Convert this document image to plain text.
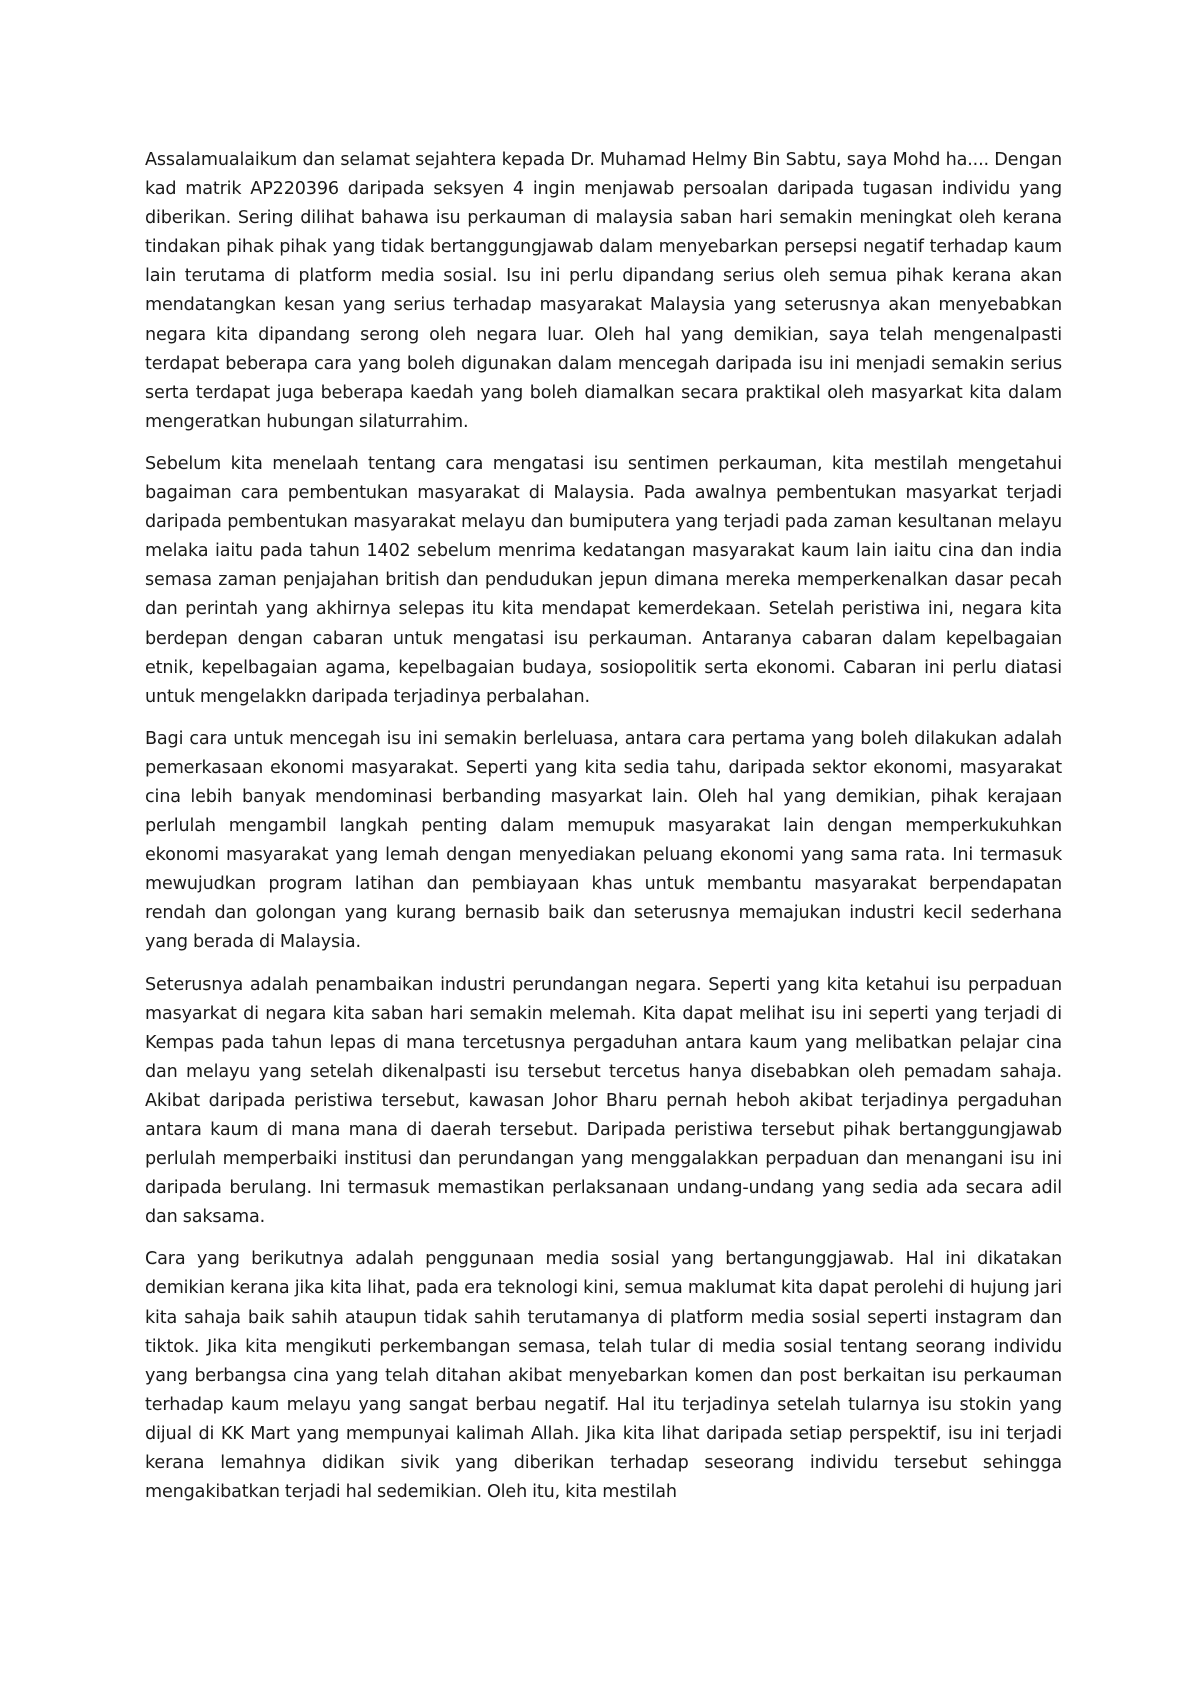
Assalamualaikum dan selamat sejahtera kepada Dr. Muhamad Helmy Bin Sabtu, saya Mohd ha.... Dengan kad matrik AP220396 daripada seksyen 4 ingin menjawab persoalan daripada tugasan individu yang diberikan. Sering dilihat bahawa isu perkauman di malaysia saban hari semakin meningkat oleh kerana tindakan pihak pihak yang tidak bertanggungjawab dalam menyebarkan persepsi negatif terhadap kaum lain terutama di platform media sosial. Isu ini perlu dipandang serius oleh semua pihak kerana akan mendatangkan kesan yang serius terhadap masyarakat Malaysia yang seterusnya akan menyebabkan negara kita dipandang serong oleh negara luar. Oleh hal yang demikian, saya telah mengenalpasti terdapat beberapa cara yang boleh digunakan dalam mencegah daripada isu ini menjadi semakin serius serta terdapat juga beberapa kaedah yang boleh diamalkan secara praktikal oleh masyarkat kita dalam mengeratkan hubungan silaturrahim.

Sebelum kita menelaah tentang cara mengatasi isu sentimen perkauman, kita mestilah mengetahui bagaiman cara pembentukan masyarakat di Malaysia. Pada awalnya pembentukan masyarkat terjadi daripada pembentukan masyarakat melayu dan bumiputera yang terjadi pada zaman kesultanan melayu melaka iaitu pada tahun 1402 sebelum menrima kedatangan masyarakat kaum lain iaitu cina dan india semasa zaman penjajahan british dan pendudukan jepun dimana mereka memperkenalkan dasar pecah dan perintah yang akhirnya selepas itu kita mendapat kemerdekaan. Setelah peristiwa ini, negara kita berdepan dengan cabaran untuk mengatasi isu perkauman. Antaranya cabaran dalam kepelbagaian etnik, kepelbagaian agama, kepelbagaian budaya, sosiopolitik serta ekonomi. Cabaran ini perlu diatasi untuk mengelakkn daripada terjadinya perbalahan.

Bagi cara untuk mencegah isu ini semakin berleluasa, antara cara pertama yang boleh dilakukan adalah pemerkasaan ekonomi masyarakat. Seperti yang kita sedia tahu, daripada sektor ekonomi, masyarakat cina lebih banyak mendominasi berbanding masyarkat lain. Oleh hal yang demikian, pihak kerajaan perlulah mengambil langkah penting dalam memupuk masyarakat lain dengan memperkukuhkan ekonomi masyarakat yang lemah dengan menyediakan peluang ekonomi yang sama rata. Ini termasuk mewujudkan program latihan dan pembiayaan khas untuk membantu masyarakat berpendapatan rendah dan golongan yang kurang bernasib baik dan seterusnya memajukan industri kecil sederhana yang berada di Malaysia.

Seterusnya adalah penambaikan industri perundangan negara. Seperti yang kita ketahui isu perpaduan masyarkat di negara kita saban hari semakin melemah. Kita dapat melihat isu ini seperti yang terjadi di Kempas pada tahun lepas di mana tercetusnya pergaduhan antara kaum yang melibatkan pelajar cina dan melayu yang setelah dikenalpasti isu tersebut tercetus hanya disebabkan oleh pemadam sahaja. Akibat daripada peristiwa tersebut, kawasan Johor Bharu pernah heboh akibat terjadinya pergaduhan antara kaum di mana mana di daerah tersebut. Daripada peristiwa tersebut pihak bertanggungjawab perlulah memperbaiki institusi dan perundangan yang menggalakkan perpaduan dan menangani isu ini daripada berulang. Ini termasuk memastikan perlaksanaan undang-undang yang sedia ada secara adil dan saksama.

Cara yang berikutnya adalah penggunaan media sosial yang bertangunggjawab. Hal ini dikatakan demikian kerana jika kita lihat, pada era teknologi kini, semua maklumat kita dapat perolehi di hujung jari kita sahaja baik sahih ataupun tidak sahih terutamanya di platform media sosial seperti instagram dan tiktok. Jika kita mengikuti perkembangan semasa, telah tular di media sosial tentang seorang individu yang berbangsa cina yang telah ditahan akibat menyebarkan komen dan post berkaitan isu perkauman terhadap kaum melayu yang sangat berbau negatif. Hal itu terjadinya setelah tularnya isu stokin yang dijual di KK Mart yang mempunyai kalimah Allah. Jika kita lihat daripada setiap perspektif, isu ini terjadi kerana lemahnya didikan sivik yang diberikan terhadap seseorang individu tersebut sehingga mengakibatkan terjadi hal sedemikian. Oleh itu, kita mestilah
